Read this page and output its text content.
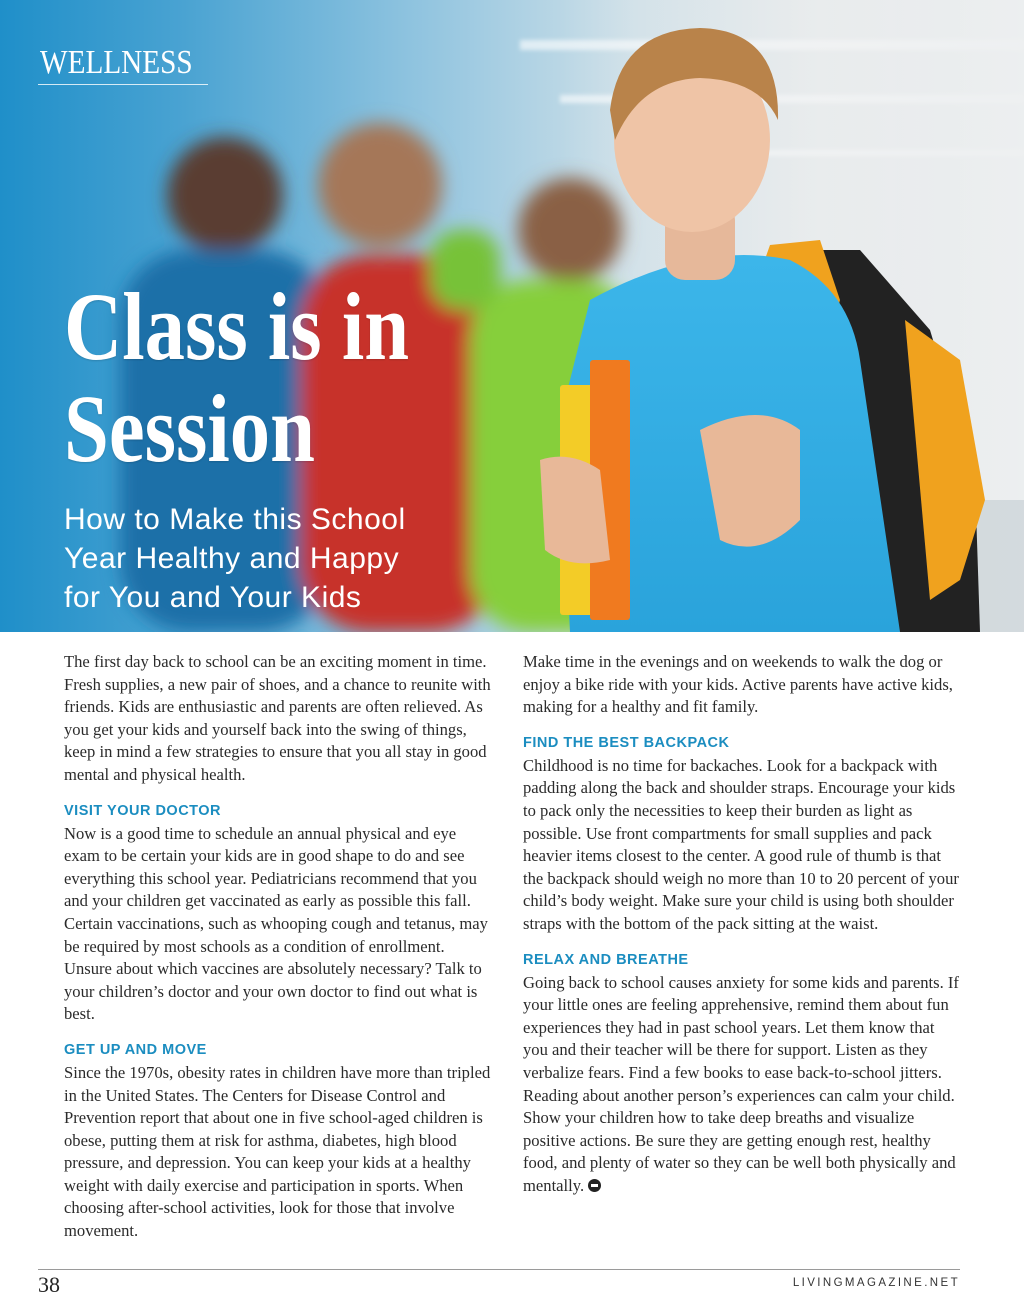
WELLNESS
Class is in
Session
How to Make this School
Year Healthy and Happy
for You and Your Kids

The first day back to school can be an exciting moment in time. Fresh supplies, a new pair of shoes, and a chance to reunite with friends. Kids are enthusiastic and parents are often relieved. As you get your kids and yourself back into the swing of things, keep in mind a few strategies to ensure that you all stay in good mental and physical health.

VISIT YOUR DOCTOR

Now is a good time to schedule an annual physical and eye exam to be certain your kids are in good shape to do and see everything this school year. Pediatricians recommend that you and your children get vaccinated as early as possible this fall. Certain vaccinations, such as whooping cough and tetanus, may be required by most schools as a condition of enrollment. Unsure about which vaccines are absolutely necessary? Talk to your children’s doctor and your own doctor to find out what is best.

GET UP AND MOVE

Since the 1970s, obesity rates in children have more than tripled in the United States. The Centers for Disease Control and Prevention report that about one in five school-aged children is obese, putting them at risk for asthma, diabetes, high blood pressure, and depression. You can keep your kids at a healthy weight with daily exercise and participation in sports. When choosing after-school activities, look for those that involve movement.

Make time in the evenings and on weekends to walk the dog or enjoy a bike ride with your kids. Active parents have active kids, making for a healthy and fit family.

FIND THE BEST BACKPACK

Childhood is no time for backaches. Look for a backpack with padding along the back and shoulder straps. Encourage your kids to pack only the necessities to keep their burden as light as possible. Use front compartments for small supplies and pack heavier items closest to the center. A good rule of thumb is that the backpack should weigh no more than 10 to 20 percent of your child’s body weight. Make sure your child is using both shoulder straps with the bottom of the pack sitting at the waist.

RELAX AND BREATHE

Going back to school causes anxiety for some kids and parents. If your little ones are feeling apprehensive, remind them about fun experiences they had in past school years. Let them know that you and their teacher will be there for support. Listen as they verbalize fears. Find a few books to ease back-to-school jitters. Reading about another person’s experiences can calm your child. Show your children how to take deep breaths and visualize positive actions. Be sure they are getting enough rest, healthy food, and plenty of water so they can be well both physically and mentally.

38	LIVINGMAGAZINE.NET
